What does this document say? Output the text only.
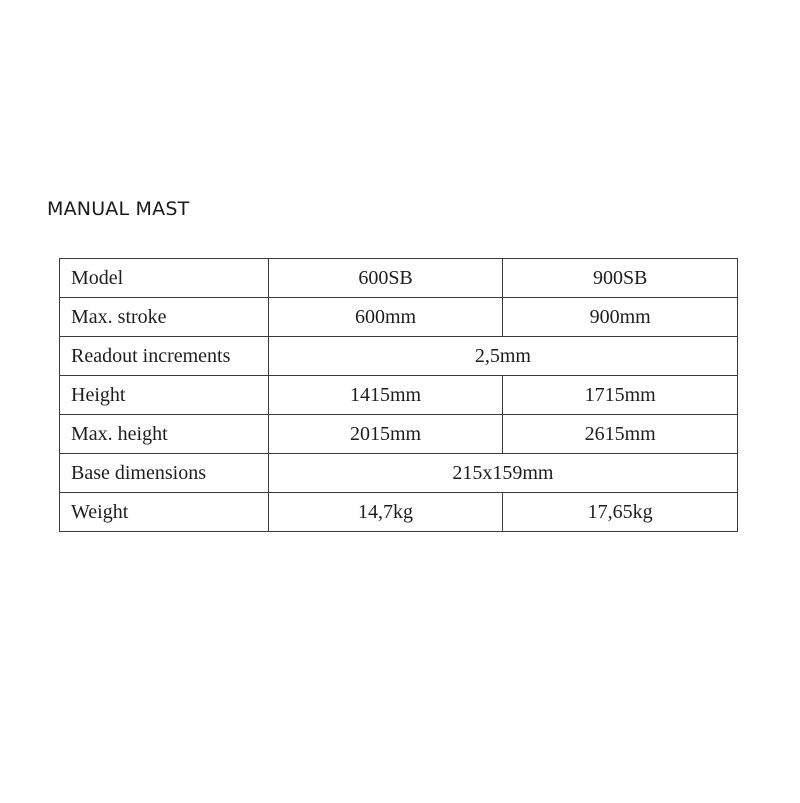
MANUAL MAST
Model	600SB	900SB
Max. stroke	600mm	900mm
Readout increments	2,5mm	
Height	1415mm	1715mm
Max. height	2015mm	2615mm
Base dimensions	215x159mm	
Weight	14,7kg	17,65kg
